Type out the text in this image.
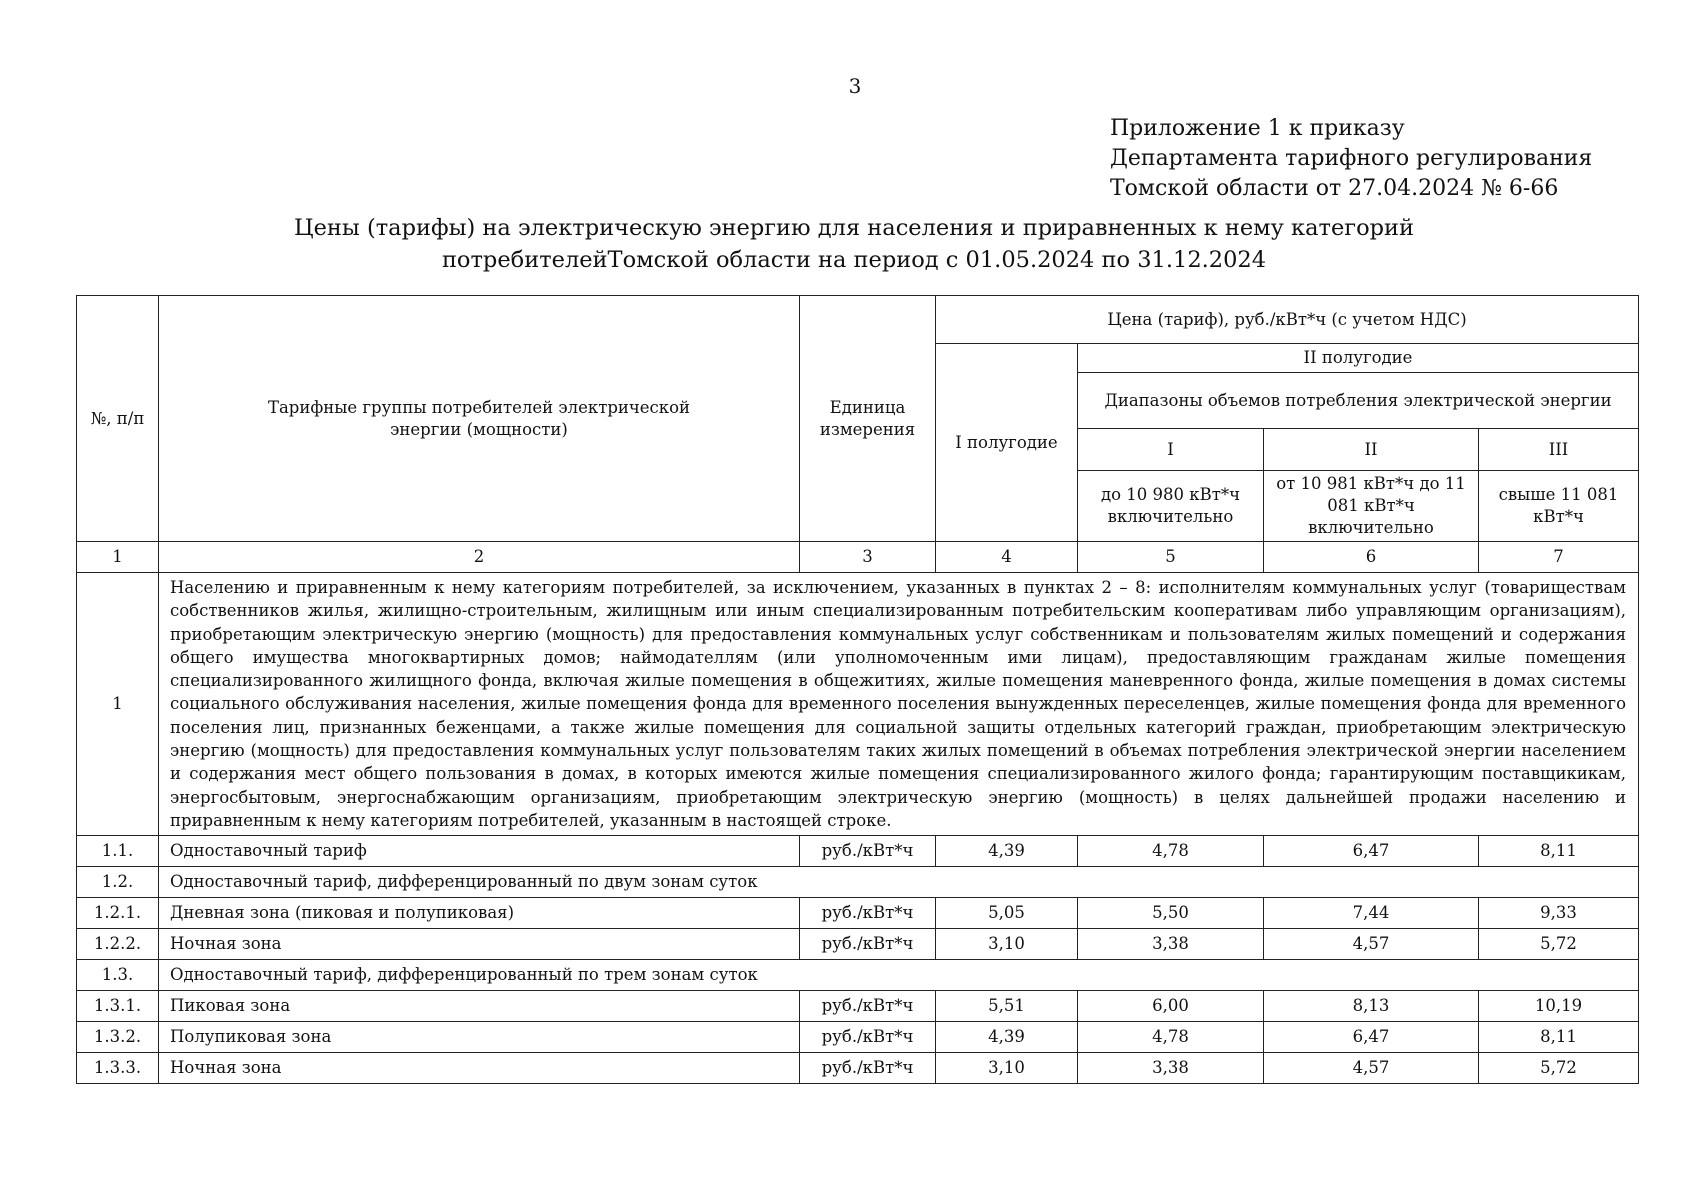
3
Приложение 1 к приказу
Департамента тарифного регулирования
Томской области от 27.04.2024 № 6-66
Цены (тарифы) на электрическую энергию для населения и приравненных к нему категорий
потребителейТомской области на период с 01.05.2024 по 31.12.2024
№, п/п	Тарифные группы потребителей электрической энергии (мощности)	Единица измерения	Цена (тариф), руб./кВт*ч (с учетом НДС)			
			I полугодие	II полугодие		
				Диапазоны объемов потребления электрической энергии		
				I	II	III
				до 10 980 кВт*ч включительно	от 10 981 кВт*ч до 11 081 кВт*ч включительно	свыше 11 081 кВт*ч
1	2	3	4	5	6	7
1	Населению и приравненным к нему категориям потребителей, за исключением, указанных в пунктах 2 – 8: исполнителям коммунальных услуг (товариществам собственников жилья, жилищно-строительным, жилищным или иным специализированным потребительским кооперативам либо управляющим организациям), приобретающим электрическую энергию (мощность) для предоставления коммунальных услуг собственникам и пользователям жилых помещений и содержания общего имущества многоквартирных домов; наймодателлям (или уполномоченным ими лицам), предоставляющим гражданам жилые помещения специализированного жилищного фонда, включая жилые помещения в общежитиях, жилые помещения маневренного фонда, жилые помещения в домах системы социального обслуживания населения, жилые помещения фонда для временного поселения вынужденных переселенцев, жилые помещения фонда для временного поселения лиц, признанных беженцами, а также жилые помещения для социальной защиты отдельных категорий граждан, приобретающим электрическую энергию (мощность) для предоставления коммунальных услуг пользователям таких жилых помещений в объемах потребления электрической энергии населением и содержания мест общего пользования в домах, в которых имеются жилые помещения специализированного жилого фонда; гарантирующим поставщикикам, энергосбытовым, энергоснабжающим организациям, приобретающим электрическую энергию (мощность) в целях дальнейшей продажи населению и приравненным к нему категориям потребителей, указанным в настоящей строке.					
1.1.	Одноставочный тариф	руб./кВт*ч	4,39	4,78	6,47	8,11
1.2.	Одноставочный тариф, дифференцированный по двум зонам суток					
1.2.1.	Дневная зона (пиковая и полупиковая)	руб./кВт*ч	5,05	5,50	7,44	9,33
1.2.2.	Ночная зона	руб./кВт*ч	3,10	3,38	4,57	5,72
1.3.	Одноставочный тариф, дифференцированный по трем зонам суток					
1.3.1.	Пиковая зона	руб./кВт*ч	5,51	6,00	8,13	10,19
1.3.2.	Полупиковая зона	руб./кВт*ч	4,39	4,78	6,47	8,11
1.3.3.	Ночная зона	руб./кВт*ч	3,10	3,38	4,57	5,72
